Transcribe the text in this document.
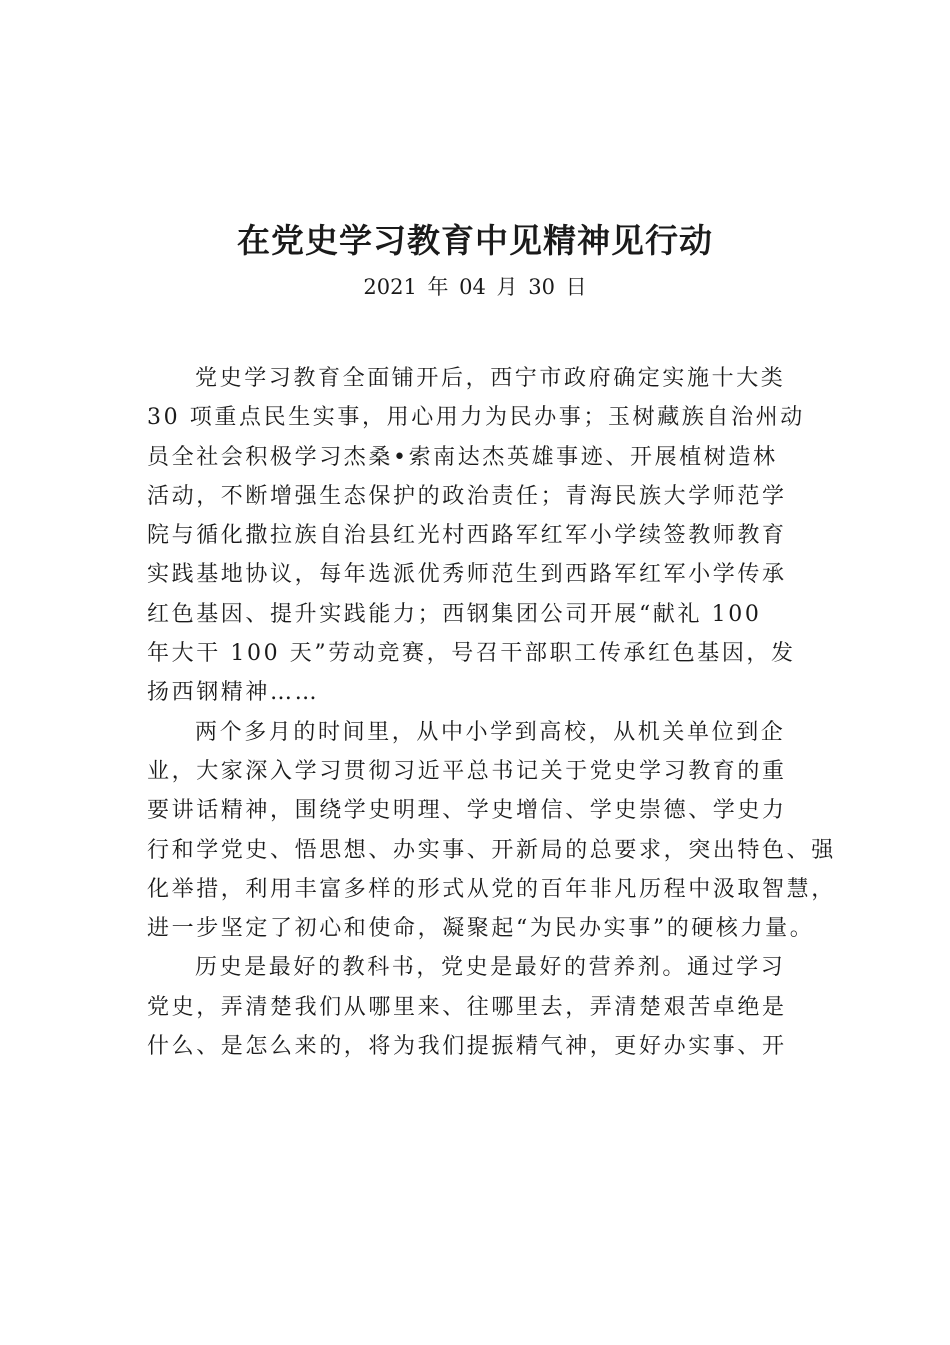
在党史学习教育中见精神见行动
2021 年 04 月 30 日
党史学习教育全面铺开后，西宁市政府确定实施十大类
30 项重点民生实事，用心用力为民办事；玉树藏族自治州动
员全社会积极学习杰桑•索南达杰英雄事迹、开展植树造林
活动，不断增强生态保护的政治责任；青海民族大学师范学
院与循化撒拉族自治县红光村西路军红军小学续签教师教育
实践基地协议，每年选派优秀师范生到西路军红军小学传承
红色基因、提升实践能力；西钢集团公司开展“献礼 100
年大干 100 天”劳动竞赛，号召干部职工传承红色基因，发
扬西钢精神……
两个多月的时间里，从中小学到高校，从机关单位到企
业，大家深入学习贯彻习近平总书记关于党史学习教育的重
要讲话精神，围绕学史明理、学史增信、学史崇德、学史力
行和学党史、悟思想、办实事、开新局的总要求，突出特色、强
化举措，利用丰富多样的形式从党的百年非凡历程中汲取智慧，
进一步坚定了初心和使命，凝聚起“为民办实事”的硬核力量。
历史是最好的教科书，党史是最好的营养剂。通过学习
党史，弄清楚我们从哪里来、往哪里去，弄清楚艰苦卓绝是
什么、是怎么来的，将为我们提振精气神，更好办实事、开
